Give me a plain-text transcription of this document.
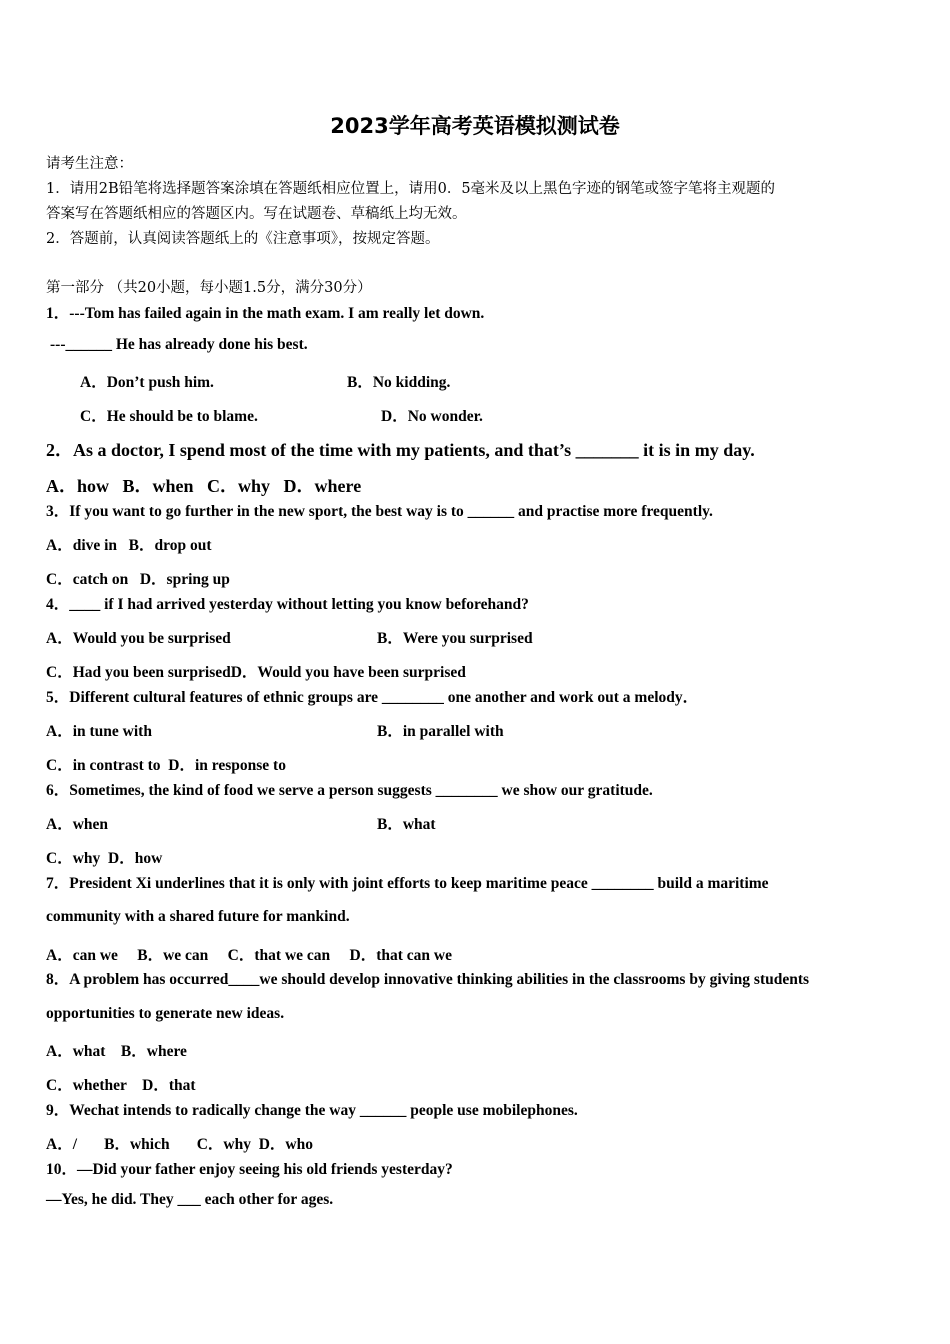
2023学年高考英语模拟测试卷
请考生注意：
1．请用2B铅笔将选择题答案涂填在答题纸相应位置上，请用0．5毫米及以上黑色字迹的钢笔或签字笔将主观题的
答案写在答题纸相应的答题区内。写在试题卷、草稿纸上均无效。
2．答题前，认真阅读答题纸上的《注意事项》，按规定答题。
第一部分 （共20小题，每小题1.5分，满分30分）
1．---Tom has failed again in the math exam. I am really let down.
---______ He has already done his best.
A．Don’t push him.	B．No kidding.
C．He should be to blame.	D．No wonder.
2．As a doctor, I spend most of the time with my patients, and that’s _______ it is in my day.
A．how   B．when   C．why   D．where
3．If you want to go further in the new sport, the best way is to ______ and practise more frequently.
A．dive in   B．drop out
C．catch on   D．spring up
4．____ if I had arrived yesterday without letting you know beforehand?
A．Would you be surprised	B．Were you surprised
C．Had you been surprisedD．Would you have been surprised
5．Different cultural features of ethnic groups are ________ one another and work out a melody．
A．in tune with	B．in parallel with
C．in contrast to  D．in response to
6．Sometimes, the kind of food we serve a person suggests ________ we show our gratitude.
A．when	B．what
C．why  D．how
7．President Xi underlines that it is only with joint efforts to keep maritime peace ________ build a maritime
community with a shared future for mankind.
A．can we     B．we can     C．that we can     D．that can we
8．A problem has occurred____we should develop innovative thinking abilities in the classrooms by giving students
opportunities to generate new ideas.
A．what    B．where
C．whether    D．that
9．Wechat intends to radically change the way ______ people use mobilephones.
A．/       B．which       C．why  D．who
10．—Did your father enjoy seeing his old friends yesterday?
—Yes, he did. They ___ each other for ages.
